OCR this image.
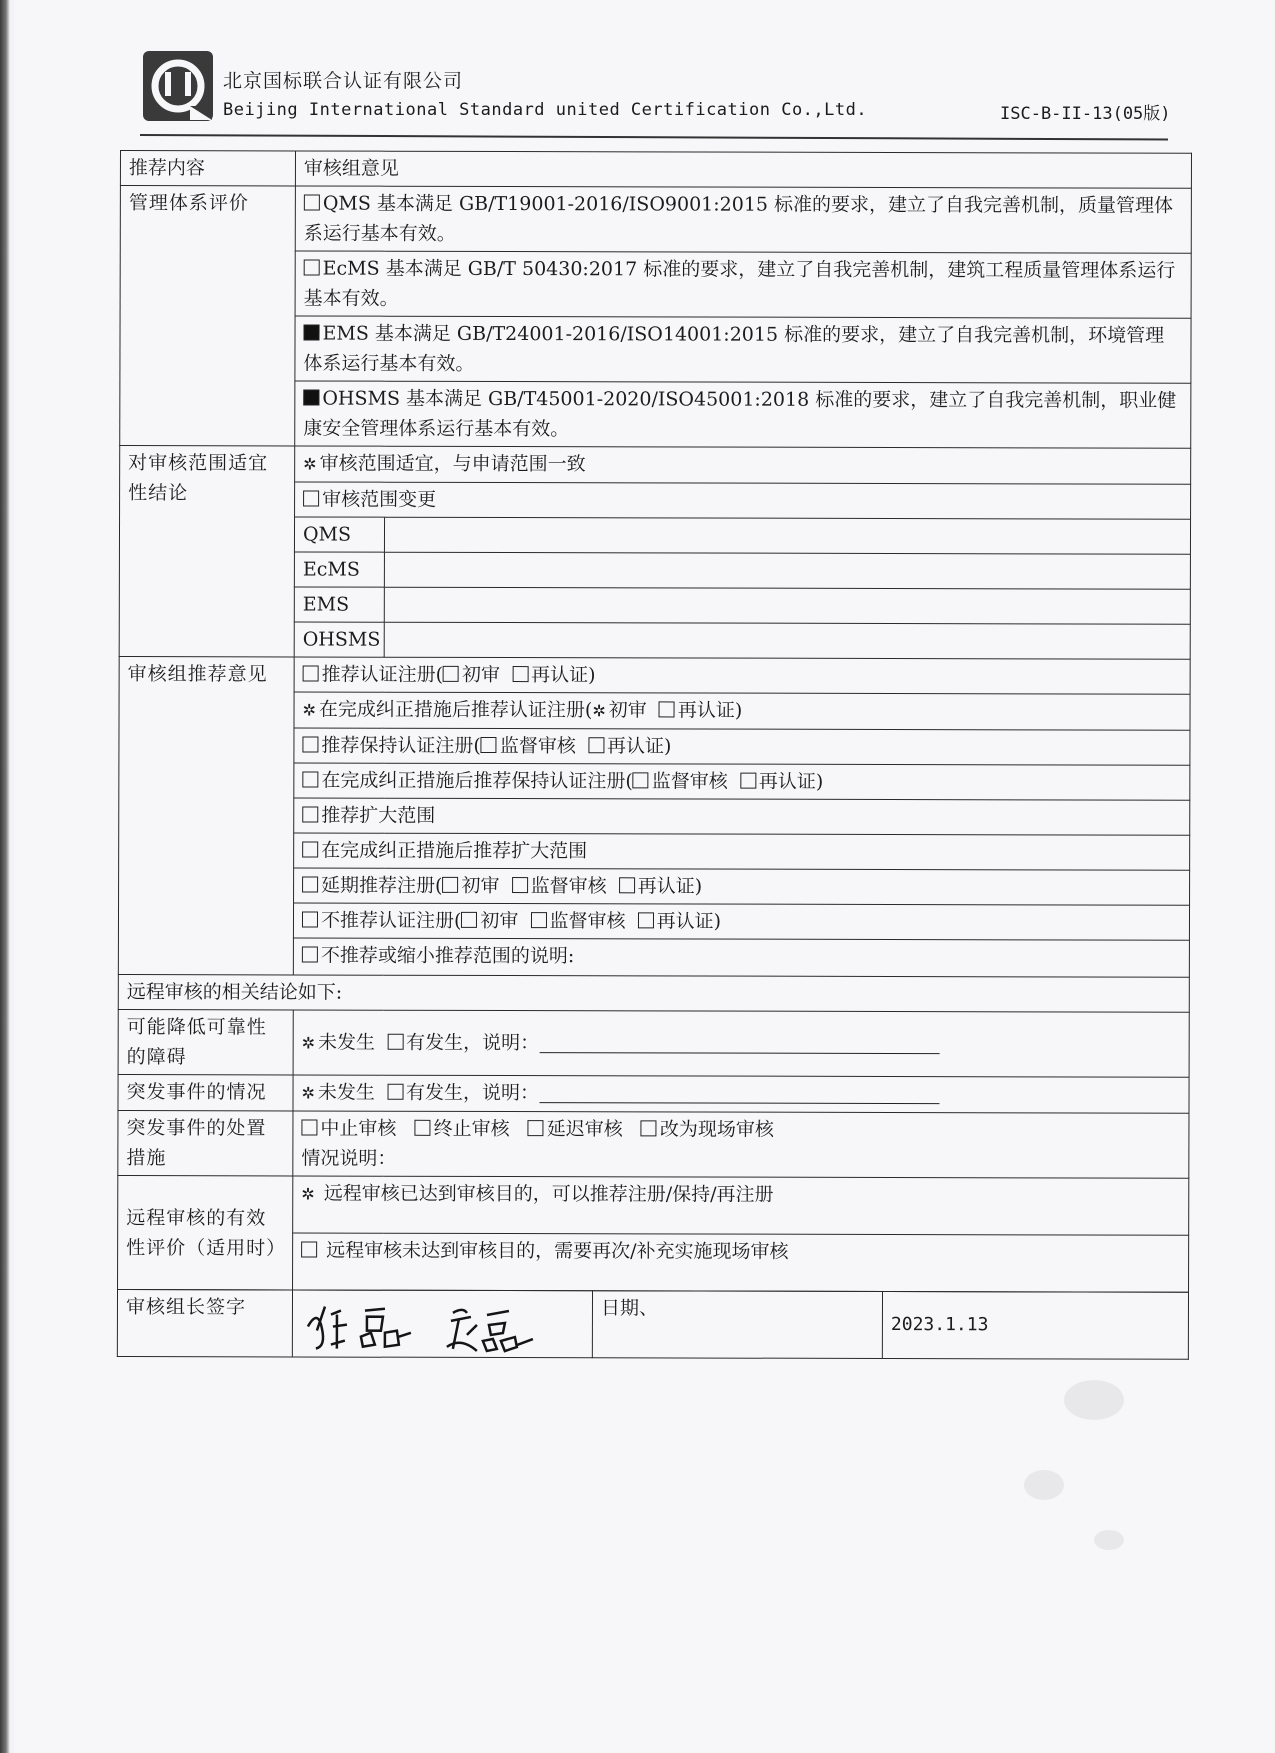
北京国标联合认证有限公司
Beijing International Standard united Certification Co.,Ltd.	ISC-B-II-13(05版)
推荐内容	审核组意见	
管理体系评价	QMS 基本满足 GB/T19001-2016/ISO9001:2015 标准的要求，建立了自我完善机制，质量管理体系运行基本有效。	
	EcMS 基本满足 GB/T 50430:2017 标准的要求，建立了自我完善机制，建筑工程质量管理体系运行基本有效。	
	EMS 基本满足 GB/T24001-2016/ISO14001:2015 标准的要求，建立了自我完善机制，环境管理体系运行基本有效。	
	OHSMS 基本满足 GB/T45001-2020/ISO45001:2018 标准的要求，建立了自我完善机制，职业健康安全管理体系运行基本有效。	
对审核范围适宜性结论	✲ 审核范围适宜，与申请范围一致	
	审核范围变更	
	QMS	
	EcMS	
	EMS	
	OHSMS	
审核组推荐意见	推荐认证注册( 初审 再认证)	
	✲ 在完成纠正措施后推荐认证注册(✲ 初审 再认证)	
	推荐保持认证注册( 监督审核 再认证)	
	在完成纠正措施后推荐保持认证注册( 监督审核 再认证)	
	推荐扩大范围	
	在完成纠正措施后推荐扩大范围	
	延期推荐注册( 初审 监督审核 再认证)	
	不推荐认证注册( 初审 监督审核 再认证)	
	不推荐或缩小推荐范围的说明:	
远程审核的相关结论如下:		
可能降低可靠性的障碍	✲ 未发生 有发生，说明：	
突发事件的情况	✲ 未发生 有发生，说明：	
突发事件的处置措施	中止审核 终止审核 延迟审核 改为现场审核
情况说明：	
远程审核的有效性评价（适用时）	✲ 远程审核已达到审核目的，可以推荐注册/保持/再注册	
	远程审核未达到审核目的，需要再次/补充实施现场审核	
审核组长签字		日期、	2023.1.13
